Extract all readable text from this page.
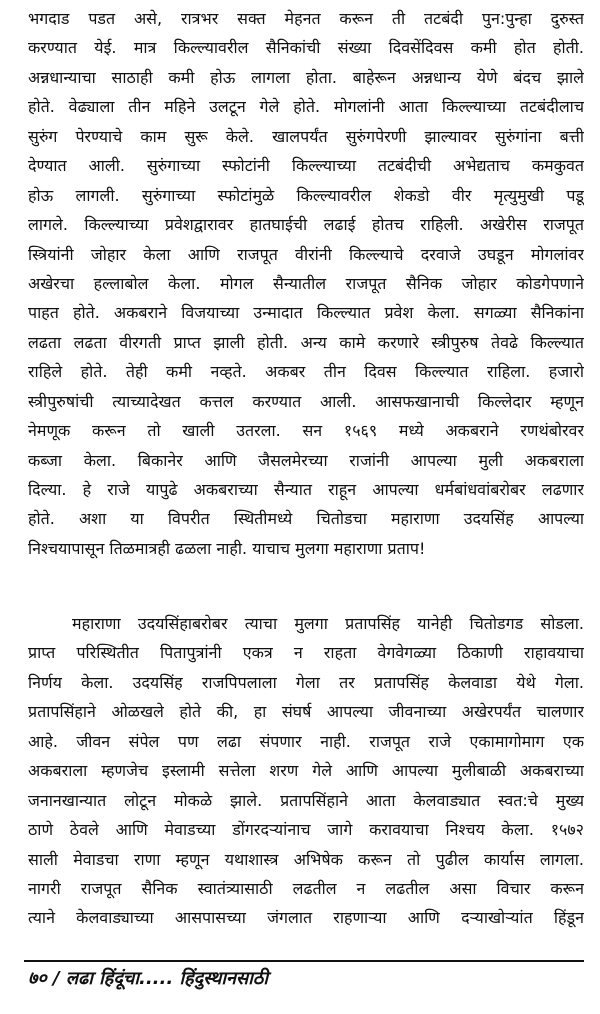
भगदाड पडत असे, रात्रभर सक्त मेहनत करून ती तटबंदी पुन:पुन्हा दुरुस्त
करण्यात येई. मात्र किल्ल्यावरील सैनिकांची संख्या दिवसेंदिवस कमी होत होती.
अन्नधान्याचा साठाही कमी होऊ लागला होता. बाहेरून अन्नधान्य येणे बंदच झाले
होते. वेढ्याला तीन महिने उलटून गेले होते. मोगलांनी आता किल्ल्याच्या तटबंदीलाच
सुरुंग पेरण्याचे काम सुरू केले. खालपर्यंत सुरुंगपेरणी झाल्यावर सुरुंगांना बत्ती
देण्यात आली. सुरुंगाच्या स्फोटांनी किल्ल्याच्या तटबंदीची अभेद्यताच कमकुवत
होऊ लागली. सुरुंगाच्या स्फोटांमुळे किल्ल्यावरील शेकडो वीर मृत्युमुखी पडू
लागले. किल्ल्याच्या प्रवेशद्वारावर हातघाईची लढाई होतच राहिली. अखेरीस राजपूत
स्त्रियांनी जोहार केला आणि राजपूत वीरांनी किल्ल्याचे दरवाजे उघडून मोगलांवर
अखेरचा हल्लाबोल केला. मोगल सैन्यातील राजपूत सैनिक जोहार कोडगेपणाने
पाहत होते. अकबराने विजयाच्या उन्मादात किल्ल्यात प्रवेश केला. सगळ्या सैनिकांना
लढता लढता वीरगती प्राप्त झाली होती. अन्य कामे करणारे स्त्रीपुरुष तेवढे किल्ल्यात
राहिले होते. तेही कमी नव्हते. अकबर तीन दिवस किल्ल्यात राहिला. हजारो
स्त्रीपुरुषांची त्याच्यादेखत कत्तल करण्यात आली. आसफखानाची किल्लेदार म्हणून
नेमणूक करून तो खाली उतरला. सन १५६९ मध्ये अकबराने रणथंबोरवर
कब्जा केला. बिकानेर आणि जैसलमेरच्या राजांनी आपल्या मुली अकबराला
दिल्या. हे राजे यापुढे अकबराच्या सैन्यात राहून आपल्या धर्मबांधवांबरोबर लढणार
होते. अशा या विपरीत स्थितीमध्ये चितोडचा महाराणा उदयसिंह आपल्या
निश्चयापासून तिळमात्रही ढळला नाही. याचाच मुलगा महाराणा प्रताप!
महाराणा उदयसिंहाबरोबर त्याचा मुलगा प्रतापसिंह यानेही चितोडगड सोडला.
प्राप्त परिस्थितीत पितापुत्रांनी एकत्र न राहता वेगवेगळ्या ठिकाणी राहावयाचा
निर्णय केला. उदयसिंह राजपिपलाला गेला तर प्रतापसिंह केलवाडा येथे गेला.
प्रतापसिंहाने ओळखले होते की, हा संघर्ष आपल्या जीवनाच्या अखेरपर्यंत चालणार
आहे. जीवन संपेल पण लढा संपणार नाही. राजपूत राजे एकामागोमाग एक
अकबराला म्हणजेच इस्लामी सत्तेला शरण गेले आणि आपल्या मुलीबाळी अकबराच्या
जनानखान्यात लोटून मोकळे झाले. प्रतापसिंहाने आता केलवाड्यात स्वत:चे मुख्य
ठाणे ठेवले आणि मेवाडच्या डोंगरदऱ्यांनाच जागे करावयाचा निश्चय केला. १५७२
साली मेवाडचा राणा म्हणून यथाशास्त्र अभिषेक करून तो पुढील कार्यास लागला.
नागरी राजपूत सैनिक स्वातंत्र्यासाठी लढतील न लढतील असा विचार करून
त्याने केलवाड्याच्या आसपासच्या जंगलात राहणाऱ्या आणि दऱ्याखोऱ्यांत हिंडून
७० / लढा हिंदूंचा..... हिंदुस्थानसाठी
